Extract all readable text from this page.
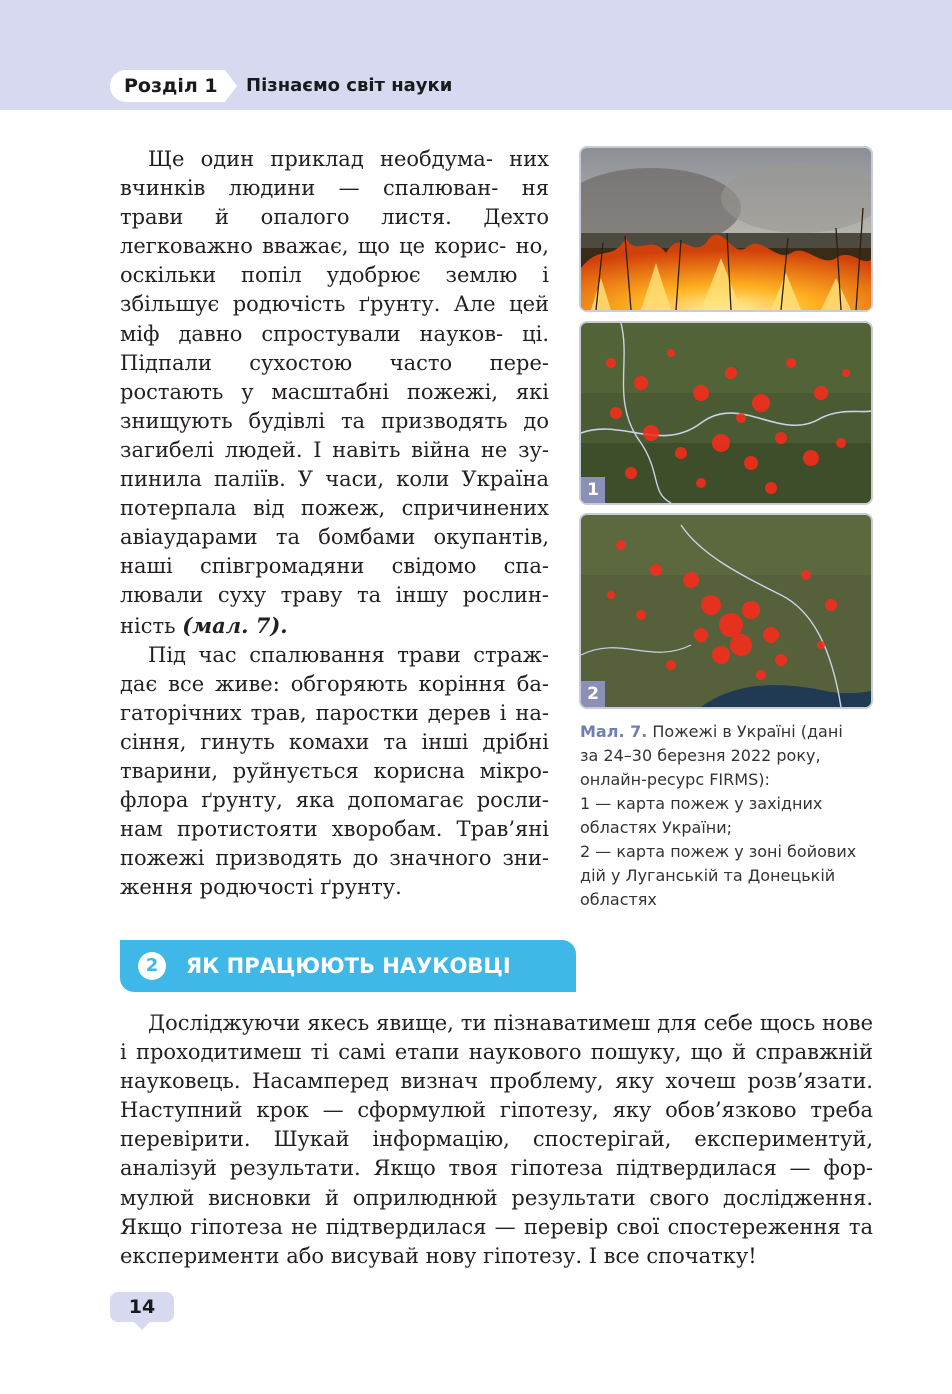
Розділ 1	Пізнаємо світ науки

Ще один приклад необдума- них вчинків людини — спалюван- ня трави й опалого листя. Дехто легковажно вважає, що це корис- но, оскільки попіл удобрює землю і збільшує родючість ґрунту. Але цей міф давно спростували науков- ці. Підпали сухостою часто пере- ростають у масштабні пожежі, які знищують будівлі та призводять до загибелі людей. І навіть війна не зу- пинила паліїв. У часи, коли Україна потерпала від пожеж, спричинених авіаударами та бомбами окупантів, наші співгромадяни свідомо спа- лювали суху траву та іншу рослин- ність (мал. 7).

Під час спалювання трави страж- дає все живе: обгоряють коріння ба- гаторічних трав, паростки дерев і на- сіння, гинуть комахи та інші дрібні тварини, руйнується корисна мікро- флора ґрунту, яка допомагає росли- нам протистояти хворобам. Трав’яні пожежі призводять до значного зни- ження родючості ґрунту.

1
2
Мал. 7. Пожежі в Україні (дані
за 24–30 березня 2022 року,
онлайн-ресурс FIRMS):
1 — карта пожеж у західних
областях України;
2 — карта пожеж у зоні бойових
дій у Луганській та Донецькій
областях
2	ЯК ПРАЦЮЮТЬ НАУКОВЦІ

Досліджуючи якесь явище, ти пізнаватимеш для себе щось нове і проходитимеш ті самі етапи наукового пошуку, що й справжній науковець. Насамперед визнач проблему, яку хочеш розв’язати. Наступний крок — сформулюй гіпотезу, яку обов’язково треба перевірити. Шукай інформацію, спостерігай, експериментуй, аналізуй результати. Якщо твоя гіпотеза підтвердилася — фор- мулюй висновки й оприлюднюй результати свого дослідження. Якщо гіпотеза не підтвердилася — перевір свої спостереження та експерименти або висувай нову гіпотезу. І все спочатку!

14
